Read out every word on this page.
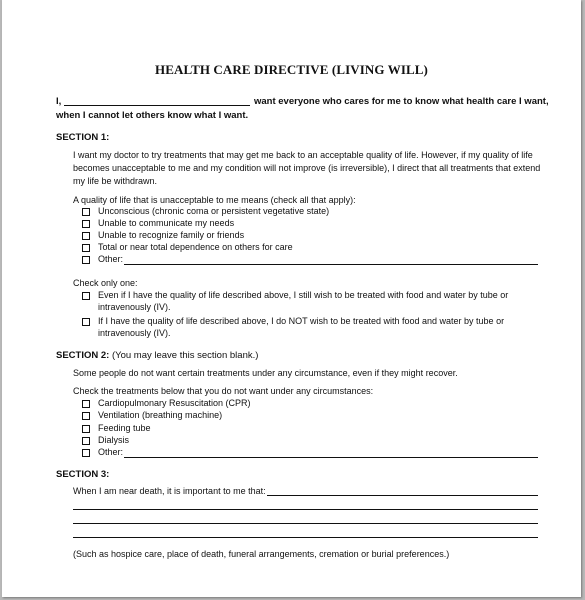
HEALTH CARE DIRECTIVE (LIVING WILL)
I,	want everyone who cares for me to know what health care I want,
when I cannot let others know what I want.
SECTION 1:
I want my doctor to try treatments that may get me back to an acceptable quality of life. However, if my quality of life
becomes unacceptable to me and my condition will not improve (is irreversible), I direct that all treatments that extend
my life be withdrawn.
A quality of life that is unacceptable to me means (check all that apply):
Unconscious (chronic coma or persistent vegetative state)
Unable to communicate my needs
Unable to recognize family or friends
Total or near total dependence on others for care
Other:
Check only one:
Even if I have the quality of life described above, I still wish to be treated with food and water by tube or
intravenously (IV).
If I have the quality of life described above, I do NOT wish to be treated with food and water by tube or
intravenously (IV).
SECTION 2: (You may leave this section blank.)
Some people do not want certain treatments under any circumstance, even if they might recover.
Check the treatments below that you do not want under any circumstances:
Cardiopulmonary Resuscitation (CPR)
Ventilation (breathing machine)
Feeding tube
Dialysis
Other:
SECTION 3:
When I am near death, it is important to me that:
(Such as hospice care, place of death, funeral arrangements, cremation or burial preferences.)
